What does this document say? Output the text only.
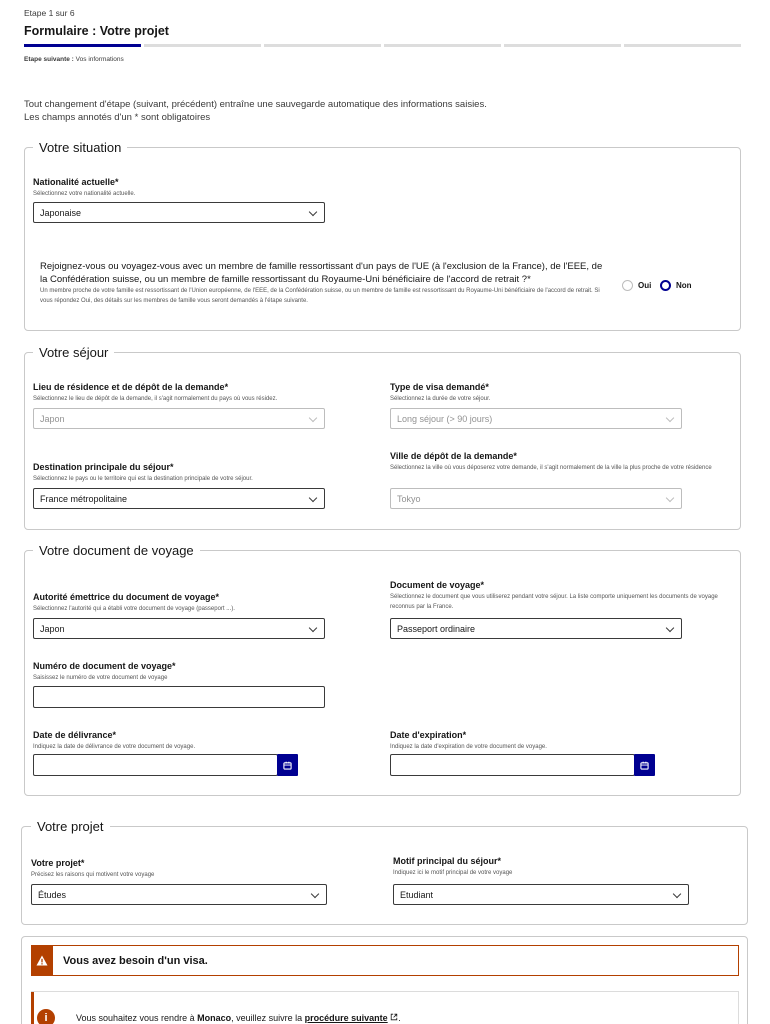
Etape 1 sur 6
Formulaire : Votre projet
Etape suivante : Vos informations
Tout changement d'étape (suivant, précédent) entraîne une sauvegarde automatique des informations saisies.
Les champs annotés d'un * sont obligatoires
Votre situation
Nationalité actuelle*
Sélectionnez votre nationalité actuelle.
Japonaise
Rejoignez-vous ou voyagez-vous avec un membre de famille ressortissant d'un pays de l'UE (à l'exclusion de la France), de l'EEE, de la Confédération suisse, ou un membre de famille ressortissant du Royaume-Uni bénéficiaire de l'accord de retrait ?*
Un membre proche de votre famille est ressortissant de l'Union européenne, de l'EEE, de la Confédération suisse, ou un membre de famille est ressortissant du Royaume-Uni bénéficiaire de l'accord de retrait. Si vous répondez Oui, des détails sur les membres de famille vous seront demandés à l'étape suivante.
Oui	Non
Votre séjour
Lieu de résidence et de dépôt de la demande*
Sélectionnez le lieu de dépôt de la demande, il s'agit normalement du pays où vous résidez.
Japon
Type de visa demandé*
Sélectionnez la durée de votre séjour.
Long séjour (> 90 jours)
Destination principale du séjour*
Sélectionnez le pays ou le territoire qui est la destination principale de votre séjour.
France métropolitaine
Ville de dépôt de la demande*
Sélectionnez la ville où vous déposerez votre demande, il s'agit normalement de la ville la plus proche de votre résidence
Tokyo
Votre document de voyage
Autorité émettrice du document de voyage*
Sélectionnez l'autorité qui a établi votre document de voyage (passeport ...).
Japon
Document de voyage*
Sélectionnez le document que vous utiliserez pendant votre séjour. La liste comporte uniquement les documents de voyage reconnus par la France.
Passeport ordinaire
Numéro de document de voyage*
Saisissez le numéro de votre document de voyage
Date de délivrance*
Indiquez la date de délivrance de votre document de voyage.
Date d'expiration*
Indiquez la date d'expiration de votre document de voyage.
Votre projet
Votre projet*
Précisez les raisons qui motivent votre voyage
Études
Motif principal du séjour*
Indiquez ici le motif principal de votre voyage
Etudiant
Vous avez besoin d'un visa.
i	Vous souhaitez vous rendre à Monaco, veuillez suivre la procédure suivante .
